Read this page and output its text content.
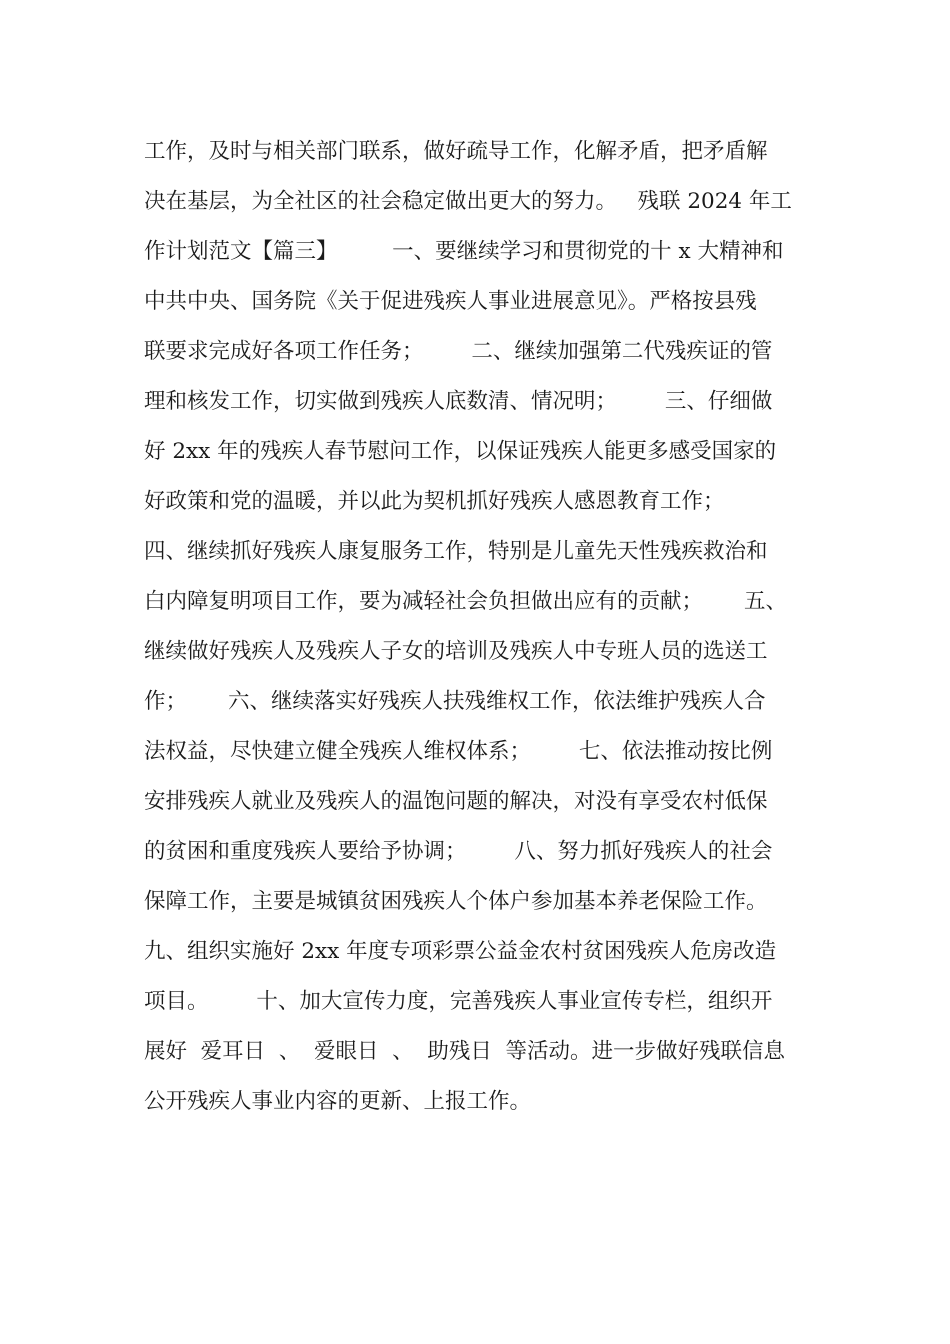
工作，及时与相关部门联系，做好疏导工作，化解矛盾，把矛盾解
决在基层，为全社区的社会稳定做出更大的努力。   残联 2024 年工
作计划范文【篇三】        一、要继续学习和贯彻党的十 x 大精神和
中共中央、国务院《关于促进残疾人事业进展意见》。严格按县残
联要求完成好各项工作任务；       二、继续加强第二代残疾证的管
理和核发工作，切实做到残疾人底数清、情况明；       三、仔细做
好 2xx 年的残疾人春节慰问工作，以保证残疾人能更多感受国家的
好政策和党的温暖，并以此为契机抓好残疾人感恩教育工作；
四、继续抓好残疾人康复服务工作，特别是儿童先天性残疾救治和
白内障复明项目工作，要为减轻社会负担做出应有的贡献；      五、
继续做好残疾人及残疾人子女的培训及残疾人中专班人员的选送工
作；      六、继续落实好残疾人扶残维权工作，依法维护残疾人合
法权益，尽快建立健全残疾人维权体系；       七、依法推动按比例
安排残疾人就业及残疾人的温饱问题的解决，对没有享受农村低保
的贫困和重度残疾人要给予协调；       八、努力抓好残疾人的社会
保障工作，主要是城镇贫困残疾人个体户参加基本养老保险工作。
九、组织实施好 2xx 年度专项彩票公益金农村贫困残疾人危房改造
项目。       十、加大宣传力度，完善残疾人事业宣传专栏，组织开
展好  爱耳日  、  爱眼日  、  助残日  等活动。进一步做好残联信息
公开残疾人事业内容的更新、上报工作。
